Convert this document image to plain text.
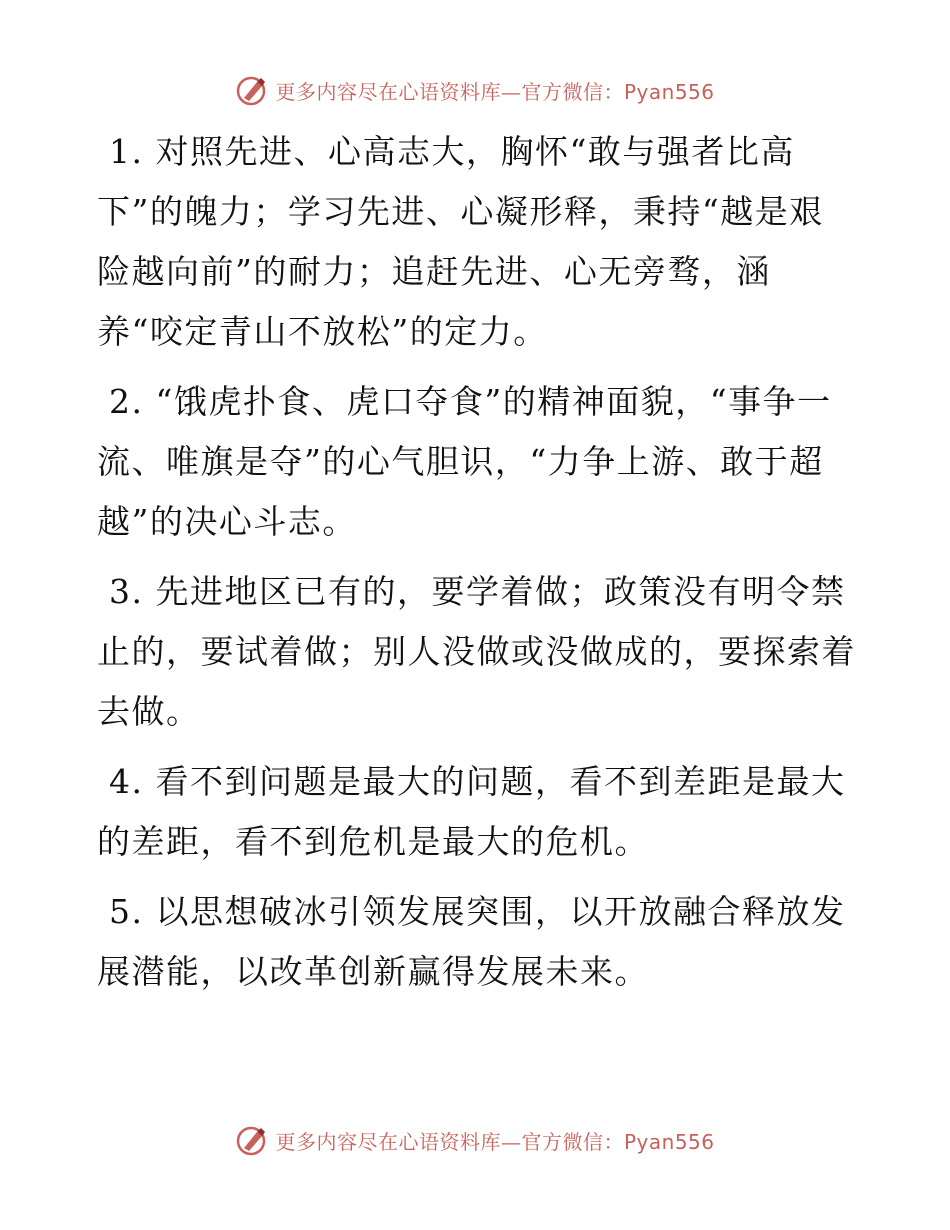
更多内容尽在心语资料库—官方微信：Pyan556

1. 对照先进、心高志大，胸怀“敢与强者比高下”的魄力；学习先进、心凝形释，秉持“越是艰险越向前”的耐力；追赶先进、心无旁骛，涵养“咬定青山不放松”的定力。

2. “饿虎扑食、虎口夺食”的精神面貌，“事争一流、唯旗是夺”的心气胆识，“力争上游、敢于超越”的决心斗志。

3. 先进地区已有的，要学着做；政策没有明令禁止的，要试着做；别人没做或没做成的，要探索着去做。

4. 看不到问题是最大的问题，看不到差距是最大的差距，看不到危机是最大的危机。

5. 以思想破冰引领发展突围，以开放融合释放发展潜能，以改革创新赢得发展未来。

更多内容尽在心语资料库—官方微信：Pyan556
